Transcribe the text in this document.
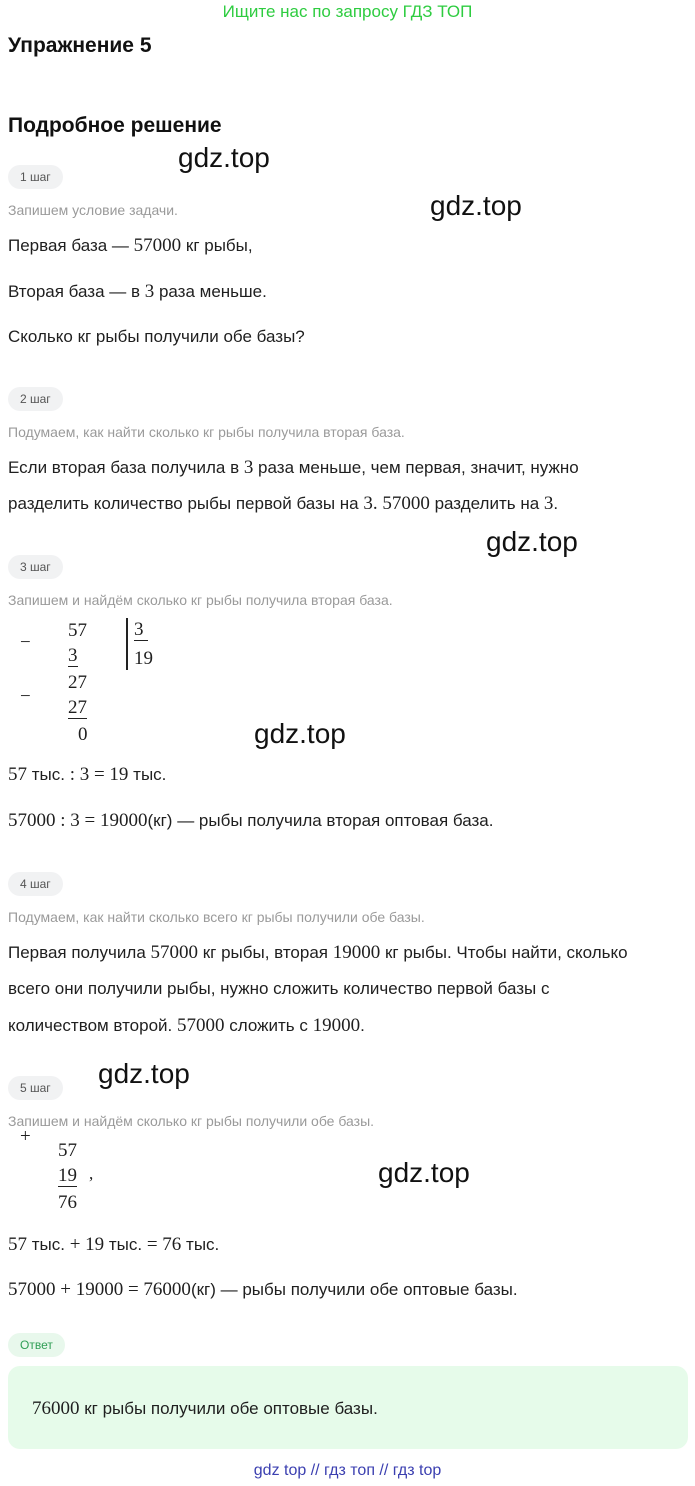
Ищите нас по запросу ГДЗ ТОП
Упражнение 5
Подробное решение
gdz.top
gdz.top
gdz.top
gdz.top
gdz.top
gdz.top
1 шаг
Запишем условие задачи.
Первая база — 57000 кг рыбы,
Вторая база — в 3 раза меньше.
Сколько кг рыбы получили обе базы?
2 шаг
Подумаем, как найти сколько кг рыбы получила вторая база.
Если вторая база получила в 3 раза меньше, чем первая, значит, нужно
разделить количество рыбы первой базы на 3. 57000 разделить на 3.
3 шаг
Запишем и найдём сколько кг рыбы получила вторая база.
−
57
3
3
19
−
27
27
0
57 тыс. : 3 = 19 тыс.
57000 : 3 = 19000(кг) — рыбы получила вторая оптовая база.
4 шаг
Подумаем, как найти сколько всего кг рыбы получили обе базы.
Первая получила 57000 кг рыбы, вторая 19000 кг рыбы. Чтобы найти, сколько
всего они получили рыбы, нужно сложить количество первой базы с
количеством второй. 57000 сложить с 19000.
5 шаг
Запишем и найдём сколько кг рыбы получили обе базы.
+
57
19
76
,
57 тыс. + 19 тыс. = 76 тыс.
57000 + 19000 = 76000(кг) — рыбы получили обе оптовые базы.
Ответ
76000 кг рыбы получили обе оптовые базы.
gdz top // гдз топ // гдз top
